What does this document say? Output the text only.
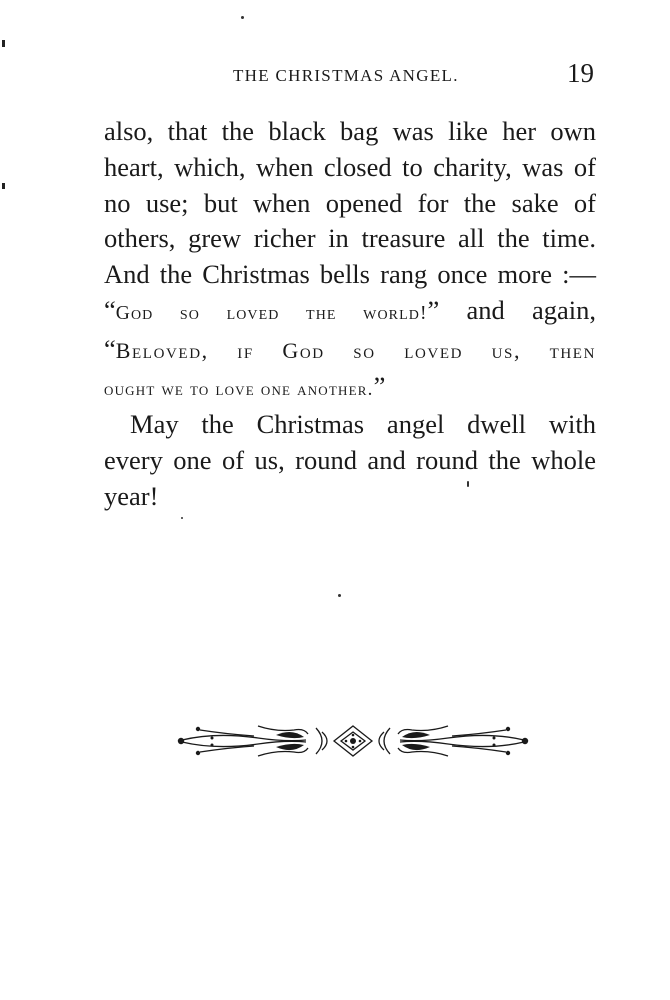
THE CHRISTMAS ANGEL.	19
also, that the black bag was like her own
heart, which, when closed to charity, was of
no use; but when opened for the sake of
others, grew richer in treasure all the time.
And the Christmas bells rang once more :—
“God so loved the world!” and again,
“Beloved, if God so loved us, then
ought we to love one another.”
May the Christmas angel dwell with
every one of us, round and round the whole
year!
